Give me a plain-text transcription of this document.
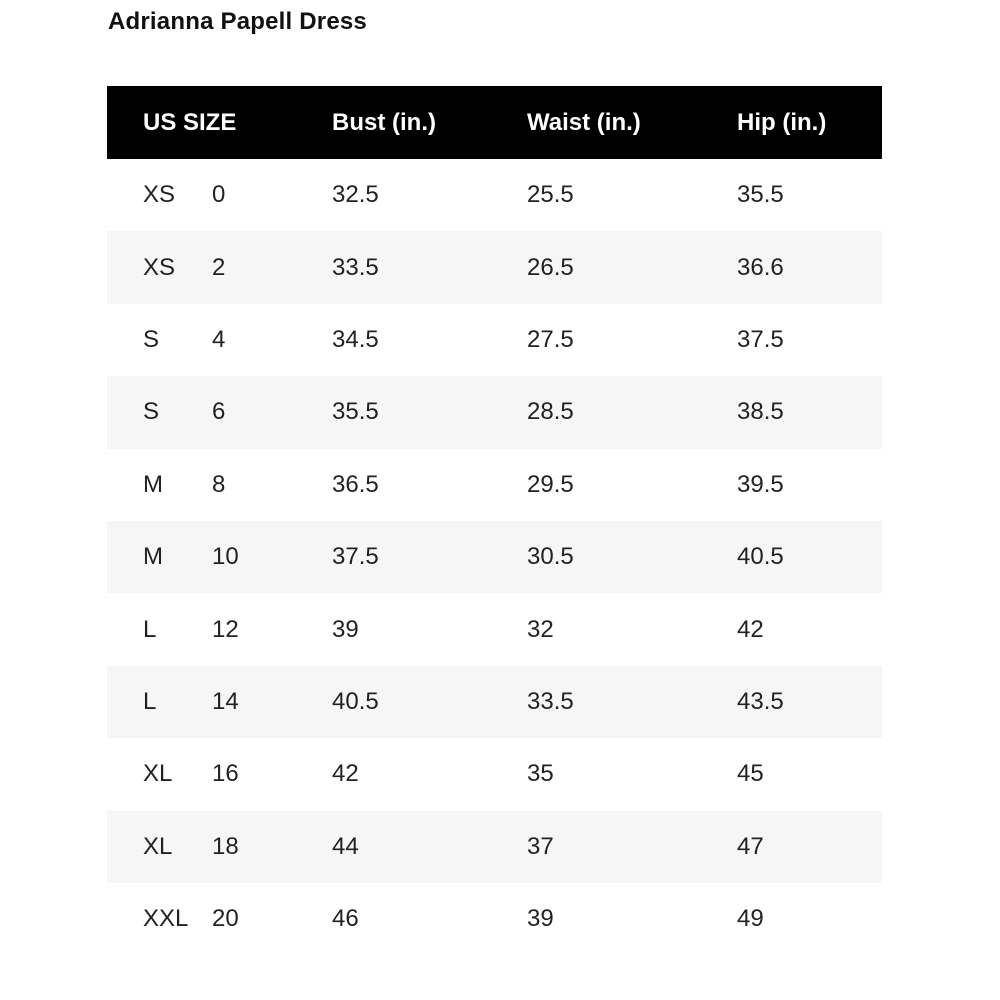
Adrianna Papell Dress
US SIZE	Bust (in.)	Waist (in.)	Hip (in.)
XS	0	32.5	25.5	35.5
XS	2	33.5	26.5	36.6
S	4	34.5	27.5	37.5
S	6	35.5	28.5	38.5
M	8	36.5	29.5	39.5
M	10	37.5	30.5	40.5
L	12	39	32	42
L	14	40.5	33.5	43.5
XL	16	42	35	45
XL	18	44	37	47
XXL 20	46	39	49
